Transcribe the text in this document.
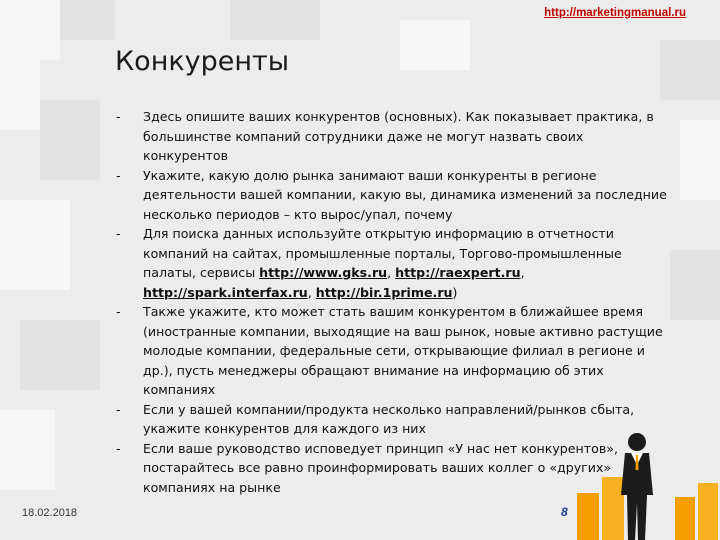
http://marketingmanual.ru
Конкуренты
-	Здесь опишите ваших конкурентов (основных). Как показывает практика, в большинстве компаний сотрудники даже не могут назвать своих конкурентов
-	Укажите, какую долю рынка занимают ваши конкуренты в регионе деятельности вашей компании, какую вы, динамика изменений за последние несколько периодов – кто вырос/упал, почему
-	Для поиска данных используйте открытую информацию в отчетности компаний на сайтах, промышленные порталы, Торгово-промышленные палаты, сервисы http://www.gks.ru, http://raexpert.ru, http://spark.interfax.ru, http://bir.1prime.ru)
-	Также укажите, кто может стать вашим конкурентом в ближайшее время (иностранные компании, выходящие на ваш рынок, новые активно растущие молодые компании, федеральные сети, открывающие филиал в регионе и др.), пусть менеджеры обращают внимание на информацию об этих компаниях
-	Если у вашей компании/продукта несколько направлений/рынков сбыта, укажите конкурентов для каждого из них
-	Если ваше руководство исповедует принцип «У нас нет конкурентов», постарайтесь все равно проинформировать ваших коллег о «других» компаниях на рынке
18.02.2018	8
